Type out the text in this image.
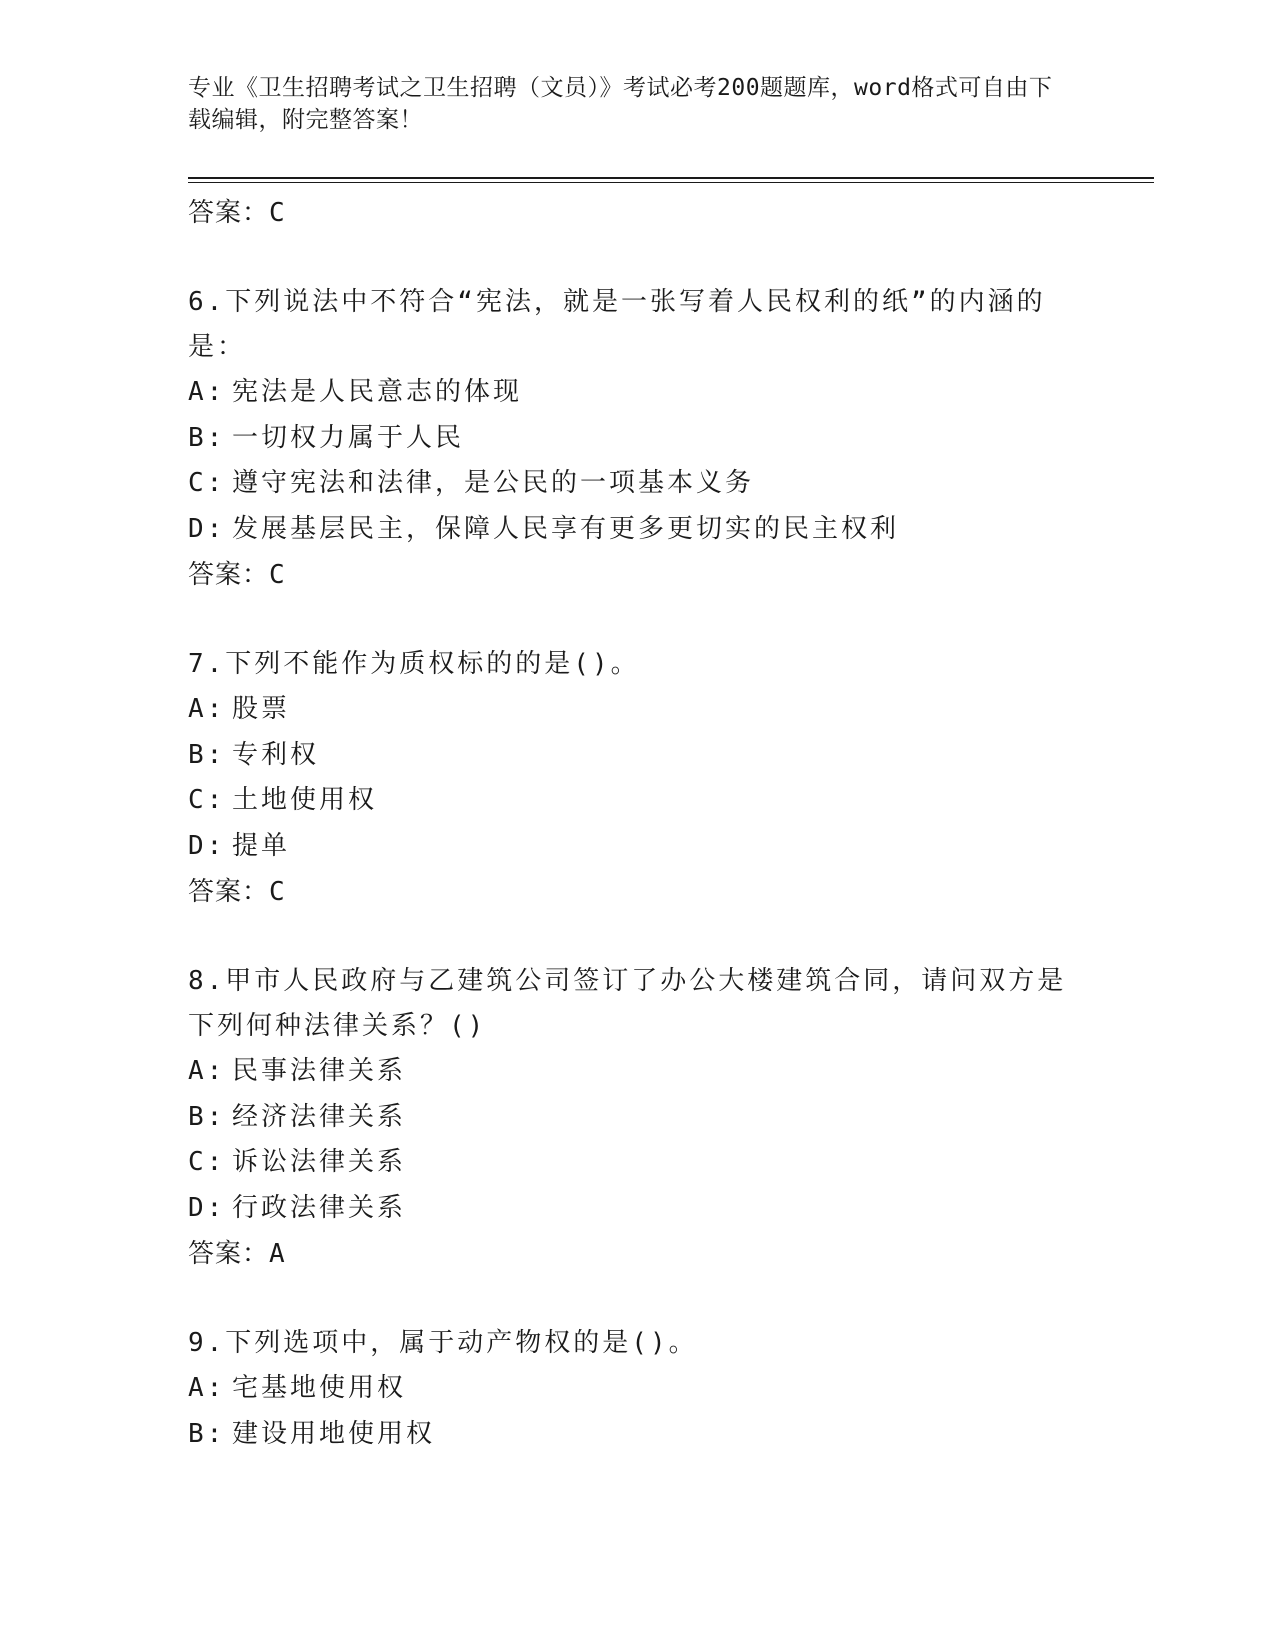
专业《卫生招聘考试之卫生招聘（文员）》考试必考200题题库，word格式可自由下载编辑，附完整答案！
答案：C
6.下列说法中不符合“宪法，就是一张写着人民权利的纸”的内涵的是：
A: 宪法是人民意志的体现
B: 一切权力属于人民
C: 遵守宪法和法律，是公民的一项基本义务
D: 发展基层民主，保障人民享有更多更切实的民主权利
答案：C
7.下列不能作为质权标的的是()。
A: 股票
B: 专利权
C: 土地使用权
D: 提单
答案：C
8.甲市人民政府与乙建筑公司签订了办公大楼建筑合同，请问双方是下列何种法律关系？()
A: 民事法律关系
B: 经济法律关系
C: 诉讼法律关系
D: 行政法律关系
答案：A
9.下列选项中，属于动产物权的是()。
A: 宅基地使用权
B: 建设用地使用权
